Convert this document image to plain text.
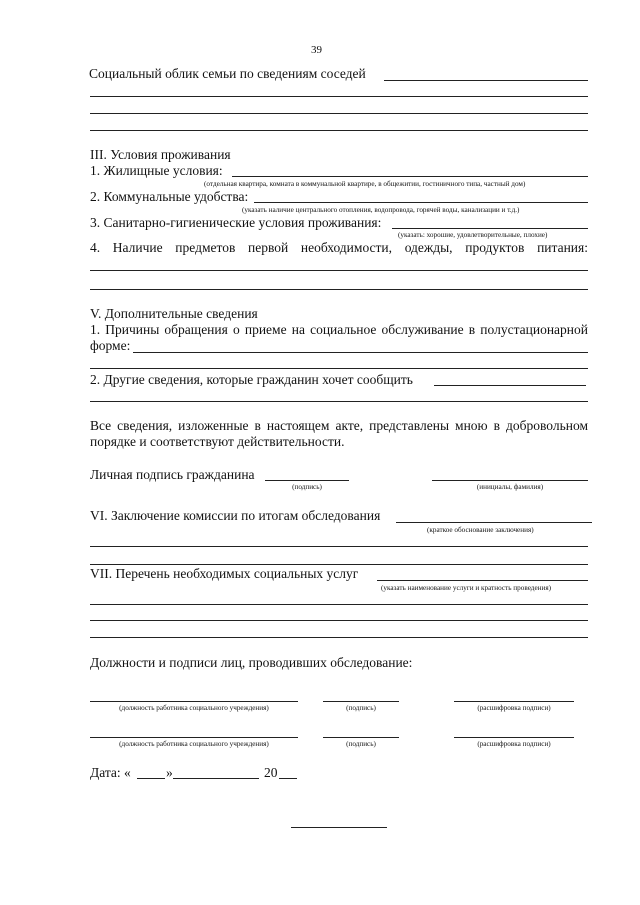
39
Социальный облик семьи по сведениям соседей
III. Условия проживания
1. Жилищные условия:
(отдельная квартира, комната в коммунальной квартире, в общежитии, гостиничного типа, частный дом)
2. Коммунальные удобства:
(указать наличие центрального отопления, водопровода, горячей воды, канализации и т.д.)
3. Санитарно-гигиенические условия проживания:
(указать: хорошие, удовлетворительные, плохие)
4. Наличие предметов первой необходимости, одежды, продуктов питания:
V. Дополнительные сведения
1. Причины обращения о приеме на социальное обслуживание в полустационарной
форме:
2. Другие сведения, которые гражданин хочет сообщить
Все сведения, изложенные в настоящем акте, представлены мною в добровольном
порядке и соответствуют действительности.
Личная подпись гражданина
(подпись)	(инициалы, фамилия)
VI. Заключение комиссии по итогам обследования
(краткое обоснование заключения)
VII. Перечень необходимых социальных услуг
(указать наименование услуги и кратность проведения)
Должности и подписи лиц, проводивших обследование:
(должность работника социального учреждения)	(подпись)	(расшифровка подписи)
(должность работника социального учреждения)	(подпись)	(расшифровка подписи)
Дата: «	»	20
